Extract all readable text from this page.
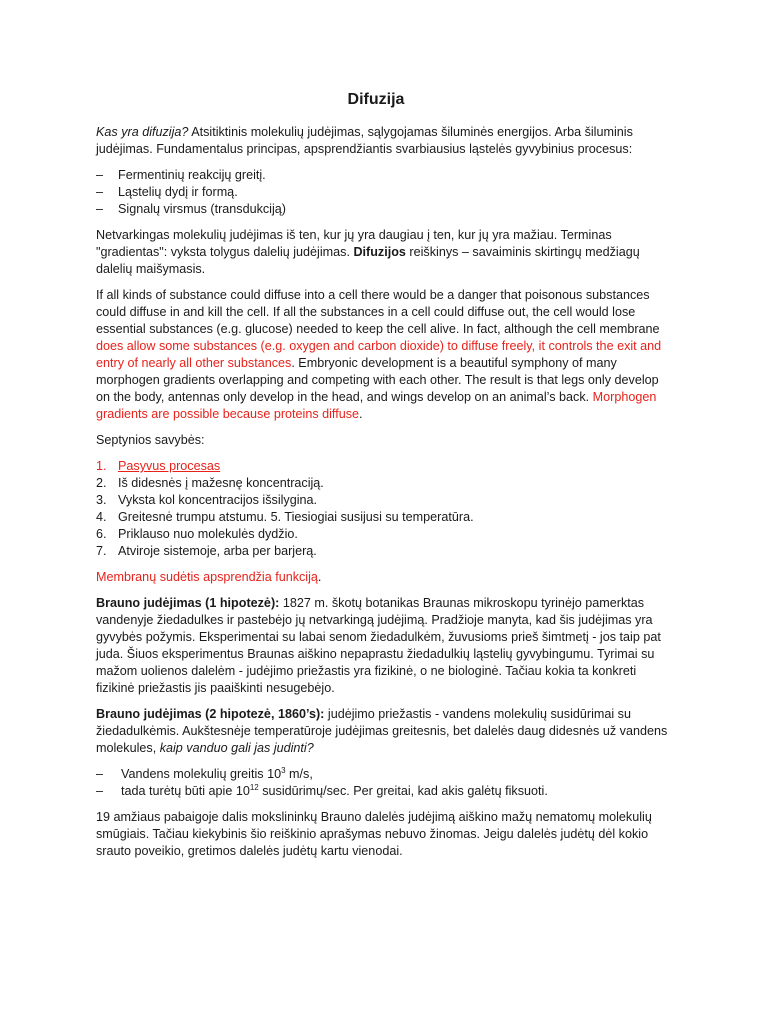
Difuzija

Kas yra difuzija? Atsitiktinis molekulių judėjimas, sąlygojamas šiluminės energijos. Arba šiluminis judėjimas. Fundamentalus principas, apsprendžiantis svarbiausius ląstelės gyvybinius procesus:

– Fermentinių reakcijų greitį.
– Ląstelių dydį ir formą.
– Signalų virsmus (transdukciją)

Netvarkingas molekulių judėjimas iš ten, kur jų yra daugiau į ten, kur jų yra mažiau. Terminas "gradientas": vyksta tolygus dalelių judėjimas. Difuzijos reiškinys – savaiminis skirtingų medžiagų dalelių maišymasis.

If all kinds of substance could diffuse into a cell there would be a danger that poisonous substances could diffuse in and kill the cell. If all the substances in a cell could diffuse out, the cell would lose essential substances (e.g. glucose) needed to keep the cell alive. In fact, although the cell membrane does allow some substances (e.g. oxygen and carbon dioxide) to diffuse freely, it controls the exit and entry of nearly all other substances. Embryonic development is a beautiful symphony of many morphogen gradients overlapping and competing with each other. The result is that legs only develop on the body, antennas only develop in the head, and wings develop on an animal’s back. Morphogen gradients are possible because proteins diffuse.

Septynios savybės:

1. Pasyvus procesas
2. Iš didesnės į mažesnę koncentraciją.
3. Vyksta kol koncentracijos išsilygina.
4. Greitesnė trumpu atstumu. 5. Tiesiogiai susijusi su temperatūra.
6. Priklauso nuo molekulės dydžio.
7. Atviroje sistemoje, arba per barjerą.

Membranų sudėtis apsprendžia funkciją.

Brauno judėjimas (1 hipotezė): 1827 m. škotų botanikas Braunas mikroskopu tyrinėjo pamerktas vandenyje žiedadulkes ir pastebėjo jų netvarkingą judėjimą. Pradžioje manyta, kad šis judėjimas yra gyvybės požymis. Eksperimentai su labai senom žiedadulkėm, žuvusioms prieš šimtmetį - jos taip pat juda. Šiuos eksperimentus Braunas aiškino nepaprastu žiedadulkių ląstelių gyvybingumu. Tyrimai su mažom uolienos dalelėm - judėjimo priežastis yra fizikinė, o ne biologinė. Tačiau kokia ta konkreti fizikinė priežastis jis paaiškinti nesugebėjo.

Brauno judėjimas (2 hipotezė, 1860’s): judėjimo priežastis - vandens molekulių susidūrimai su žiedadulkėmis. Aukštesnėje temperatūroje judėjimas greitesnis, bet dalelės daug didesnės už vandens molekules, kaip vanduo gali jas judinti?

– Vandens molekulių greitis $10^3$ m/s,
– tada turėtų būti apie $10^{12}$ susidūrimų/sec. Per greitai, kad akis galėtų fiksuoti.

19 amžiaus pabaigoje dalis mokslininkų Brauno dalelės judėjimą aiškino mažų nematomų molekulių smūgiais. Tačiau kiekybinis šio reiškinio aprašymas nebuvo žinomas. Jeigu dalelės judėtų dėl kokio srauto poveikio, gretimos dalelės judėtų kartu vienodai.
